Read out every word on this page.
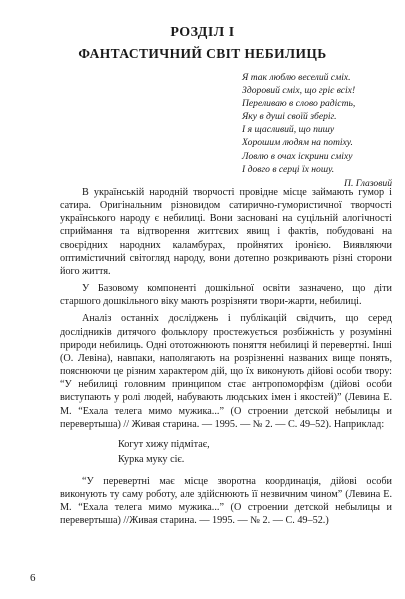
РОЗДІЛ І
ФАНТАСТИЧНИЙ СВІТ НЕБИЛИЦЬ
Я так люблю веселий сміх.
Здоровий сміх, що гріє всіх!
Переливаю в слово радість,
Яку в душі своїй зберіг.
І я щасливий, що пишу
Хорошим людям на потіху.
Ловлю в очах іскрини сміху
І довго в серці їх ношу.
П. Глазовий

В українській народній творчості провідне місце займають гумор і сатира. Оригінальним різновидом сатирично-гумористичної творчості українського народу є небилиці. Вони засновані на суцільній алогічності сприймання та відтворення життєвих явищ і фактів, побудовані на своєрідних народних каламбурах, пройнятих іронією. Виявляючи оптимістичний світогляд народу, вони дотепно розкривають різні сторони його життя.

У Базовому компоненті дошкільної освіти зазначено, що діти старшого дошкільного віку мають розрізняти твори-жарти, небилиці.

Аналіз останніх досліджень і публікацій свідчить, що серед дослідників дитячого фольклору простежується розбіжність у розумінні природи небилиць. Одні ототожнюють поняття небилиці й перевертні. Інші (О. Левіна), навпаки, наполягають на розрізненні названих вище понять, пояснюючи це різним характером дій, що їх виконують дійові особи твору: “У небилиці головним принципом стає антропоморфізм (дійові особи виступають у ролі людей, набувають людських імен і якостей)” (Левина Е. М. “Ехала телега мимо мужика...” (О строении детской небылицы и перевертыша) // Живая старина. — 1995. — № 2. — С. 49–52). Наприклад:

Когут хижу підмітає,
Курка муку сіє.

“У перевертні має місце зворотна координація, дійові особи виконують ту саму роботу, але здійснюють її незвичним чином” (Левина Е. М. “Ехала телега мимо мужика...” (О строении детской небылицы и перевертыша) //Живая старина. — 1995. — № 2. — С. 49–52.)

6
